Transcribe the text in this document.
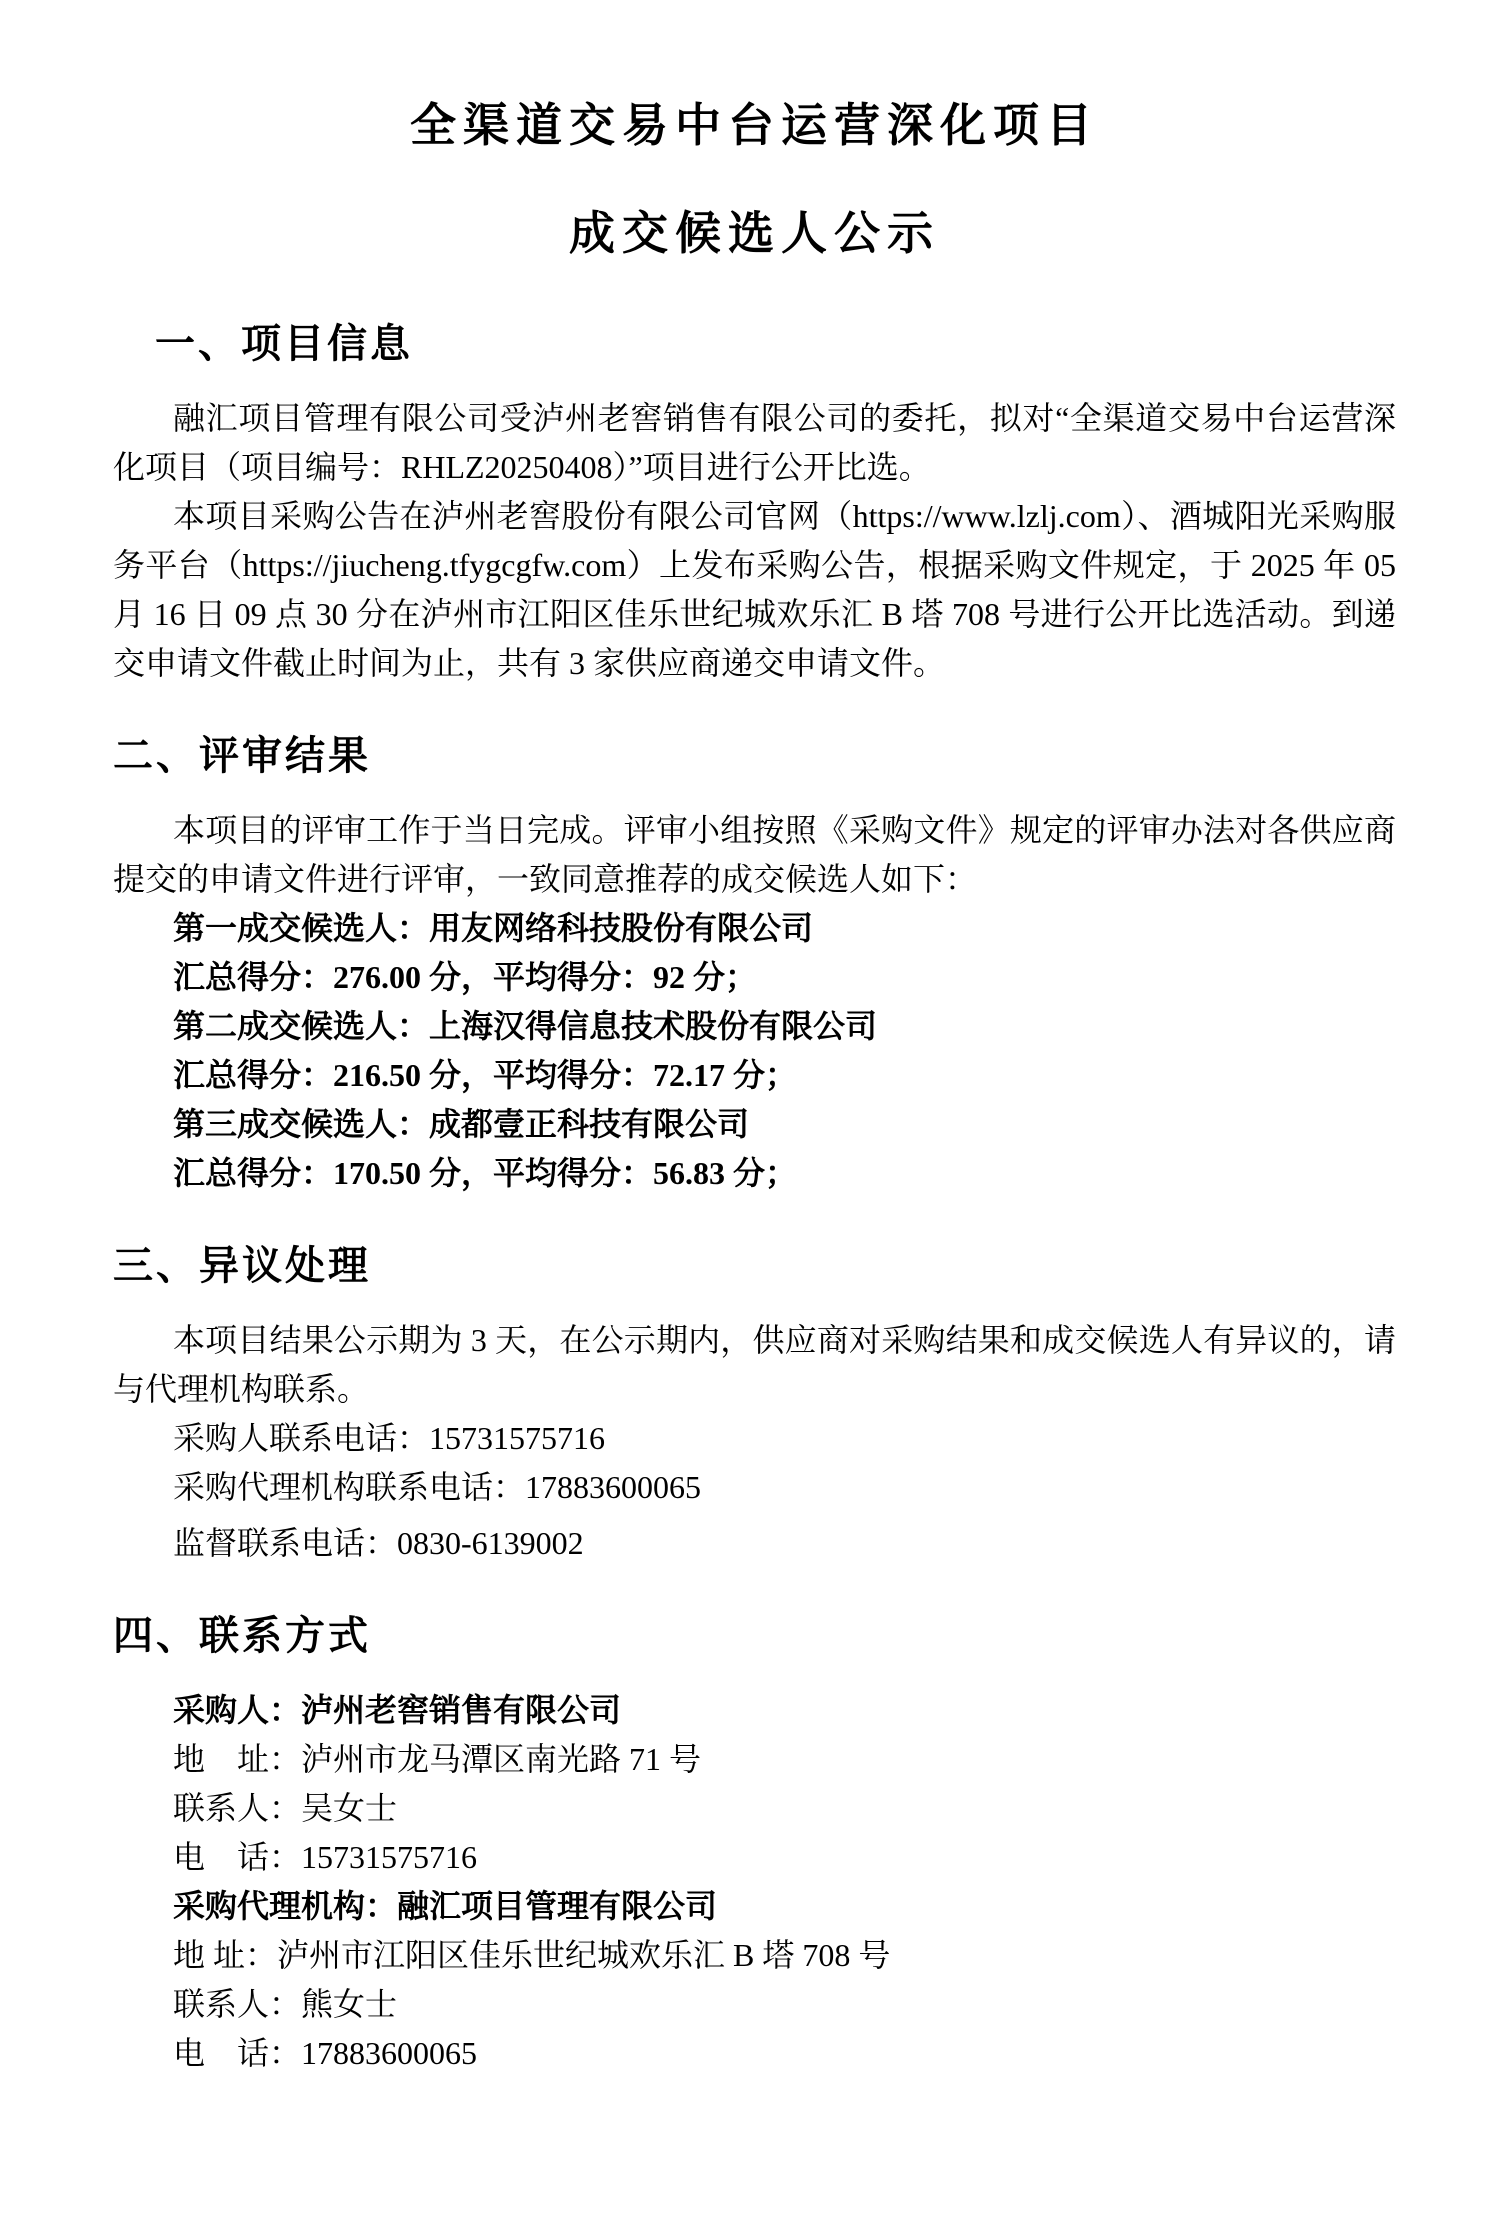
全渠道交易中台运营深化项目
成交候选人公示
一、项目信息

融汇项目管理有限公司受泸州老窖销售有限公司的委托，拟对“全渠道交易中台运营深化项目（项目编号：RHLZ20250408）”项目进行公开比选。

本项目采购公告在泸州老窖股份有限公司官网（https://www.lzlj.com）、酒城阳光采购服务平台（https://jiucheng.tfygcgfw.com）上发布采购公告，根据采购文件规定，于 2025 年 05 月 16 日 09 点 30 分在泸州市江阳区佳乐世纪城欢乐汇 B 塔 708 号进行公开比选活动。到递交申请文件截止时间为止，共有 3 家供应商递交申请文件。

二、评审结果

本项目的评审工作于当日完成。评审小组按照《采购文件》规定的评审办法对各供应商提交的申请文件进行评审，一致同意推荐的成交候选人如下：

第一成交候选人：用友网络科技股份有限公司

汇总得分：276.00 分，平均得分：92 分；

第二成交候选人：上海汉得信息技术股份有限公司

汇总得分：216.50 分，平均得分：72.17 分；

第三成交候选人：成都壹正科技有限公司

汇总得分：170.50 分，平均得分：56.83 分；

三、异议处理

本项目结果公示期为 3 天，在公示期内，供应商对采购结果和成交候选人有异议的，请与代理机构联系。

采购人联系电话：15731575716

采购代理机构联系电话：17883600065

监督联系电话：0830-6139002

四、联系方式

采购人：泸州老窖销售有限公司

地　址：泸州市龙马潭区南光路 71 号

联系人：吴女士

电　话：15731575716

采购代理机构：融汇项目管理有限公司

地 址：泸州市江阳区佳乐世纪城欢乐汇 B 塔 708 号

联系人：熊女士

电　话：17883600065
